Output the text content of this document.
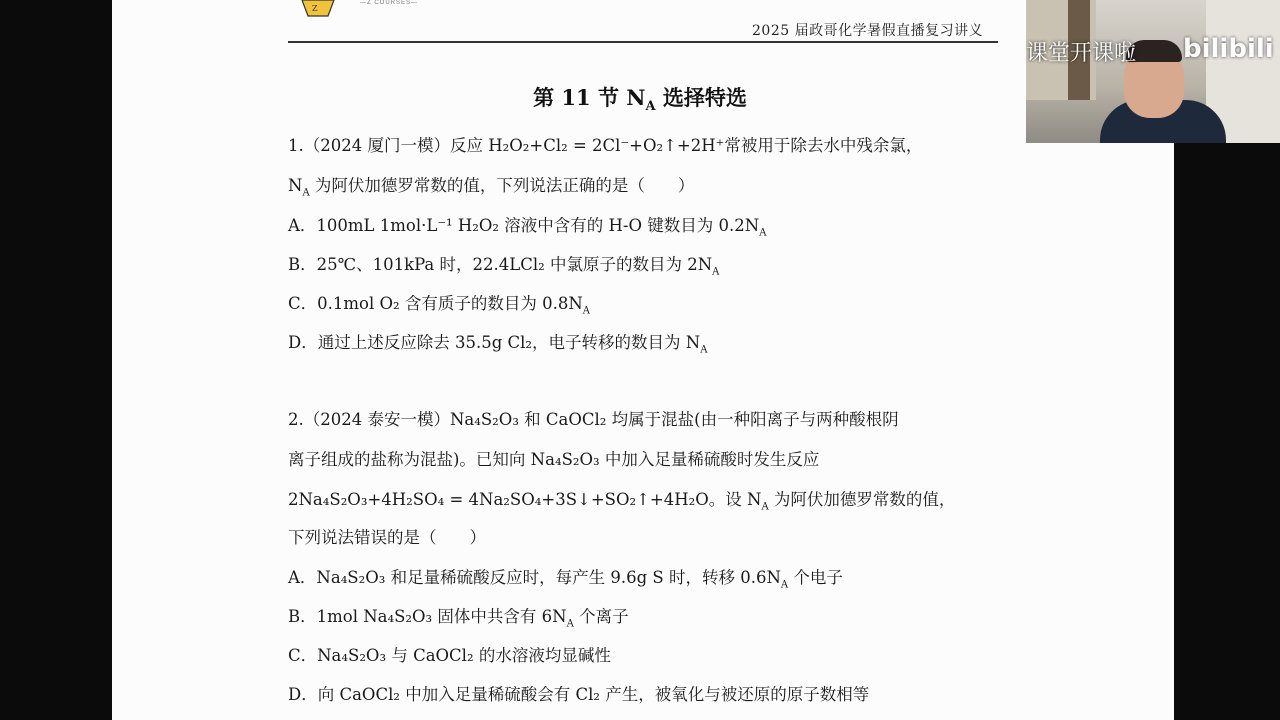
Z
—Z COURSES—
2025 届政哥化学暑假直播复习讲义
第 11 节 $N_A$ 选择特选
1.（2024 厦门一模）反应 H₂O₂+Cl₂ = 2Cl⁻+O₂↑+2H⁺常被用于除去水中残余氯，
$N_A$ 为阿伏加德罗常数的值，下列说法正确的是（　　）
A．100mL 1mol·L⁻¹ H₂O₂ 溶液中含有的 H-O 键数目为 $0.2N_A$
B．25℃、101kPa 时，22.4LCl₂ 中氯原子的数目为 $2N_A$
C．0.1mol O₂ 含有质子的数目为 $0.8N_A$
D．通过上述反应除去 35.5g Cl₂，电子转移的数目为 $N_A$
2.（2024 泰安一模）Na₄S₂O₃ 和 CaOCl₂ 均属于混盐(由一种阳离子与两种酸根阴
离子组成的盐称为混盐)。已知向 Na₄S₂O₃ 中加入足量稀硫酸时发生反应
2Na₄S₂O₃+4H₂SO₄ = 4Na₂SO₄+3S↓+SO₂↑+4H₂O。设 $N_A$ 为阿伏加德罗常数的值，
下列说法错误的是（　　）
A．Na₄S₂O₃ 和足量稀硫酸反应时，每产生 9.6g S 时，转移 $0.6N_A$ 个电子
B．1mol Na₄S₂O₃ 固体中共含有 $6N_A$ 个离子
C．Na₄S₂O₃ 与 CaOCl₂ 的水溶液均显碱性
D．向 CaOCl₂ 中加入足量稀硫酸会有 Cl₂ 产生，被氧化与被还原的原子数相等
课堂开课啦 bilibili
